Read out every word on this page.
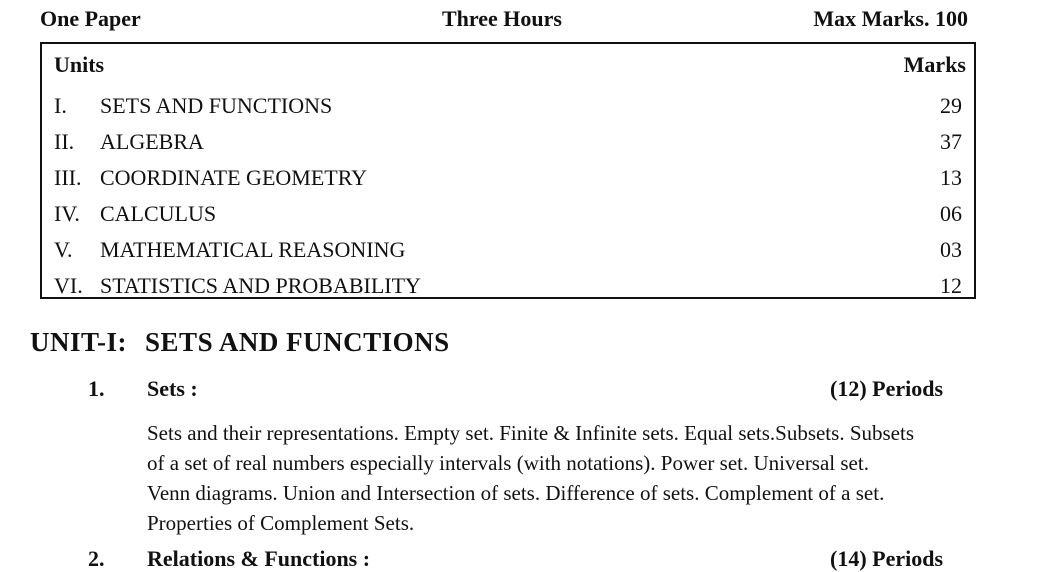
One Paper	Three Hours	Max Marks. 100
Units	Marks
I. SETS AND FUNCTIONS	29
II. ALGEBRA	37
III. COORDINATE GEOMETRY	13
IV. CALCULUS	06
V. MATHEMATICAL REASONING	03
VI. STATISTICS AND PROBABILITY	12
UNIT-I: SETS AND FUNCTIONS
1. Sets :	(12) Periods
Sets and their representations. Empty set. Finite & Infinite sets. Equal sets.Subsets. Subsets
of a set of real numbers especially intervals (with notations). Power set. Universal set.
Venn diagrams. Union and Intersection of sets. Difference of sets. Complement of a set.
Properties of Complement Sets.
2. Relations & Functions :	(14) Periods
